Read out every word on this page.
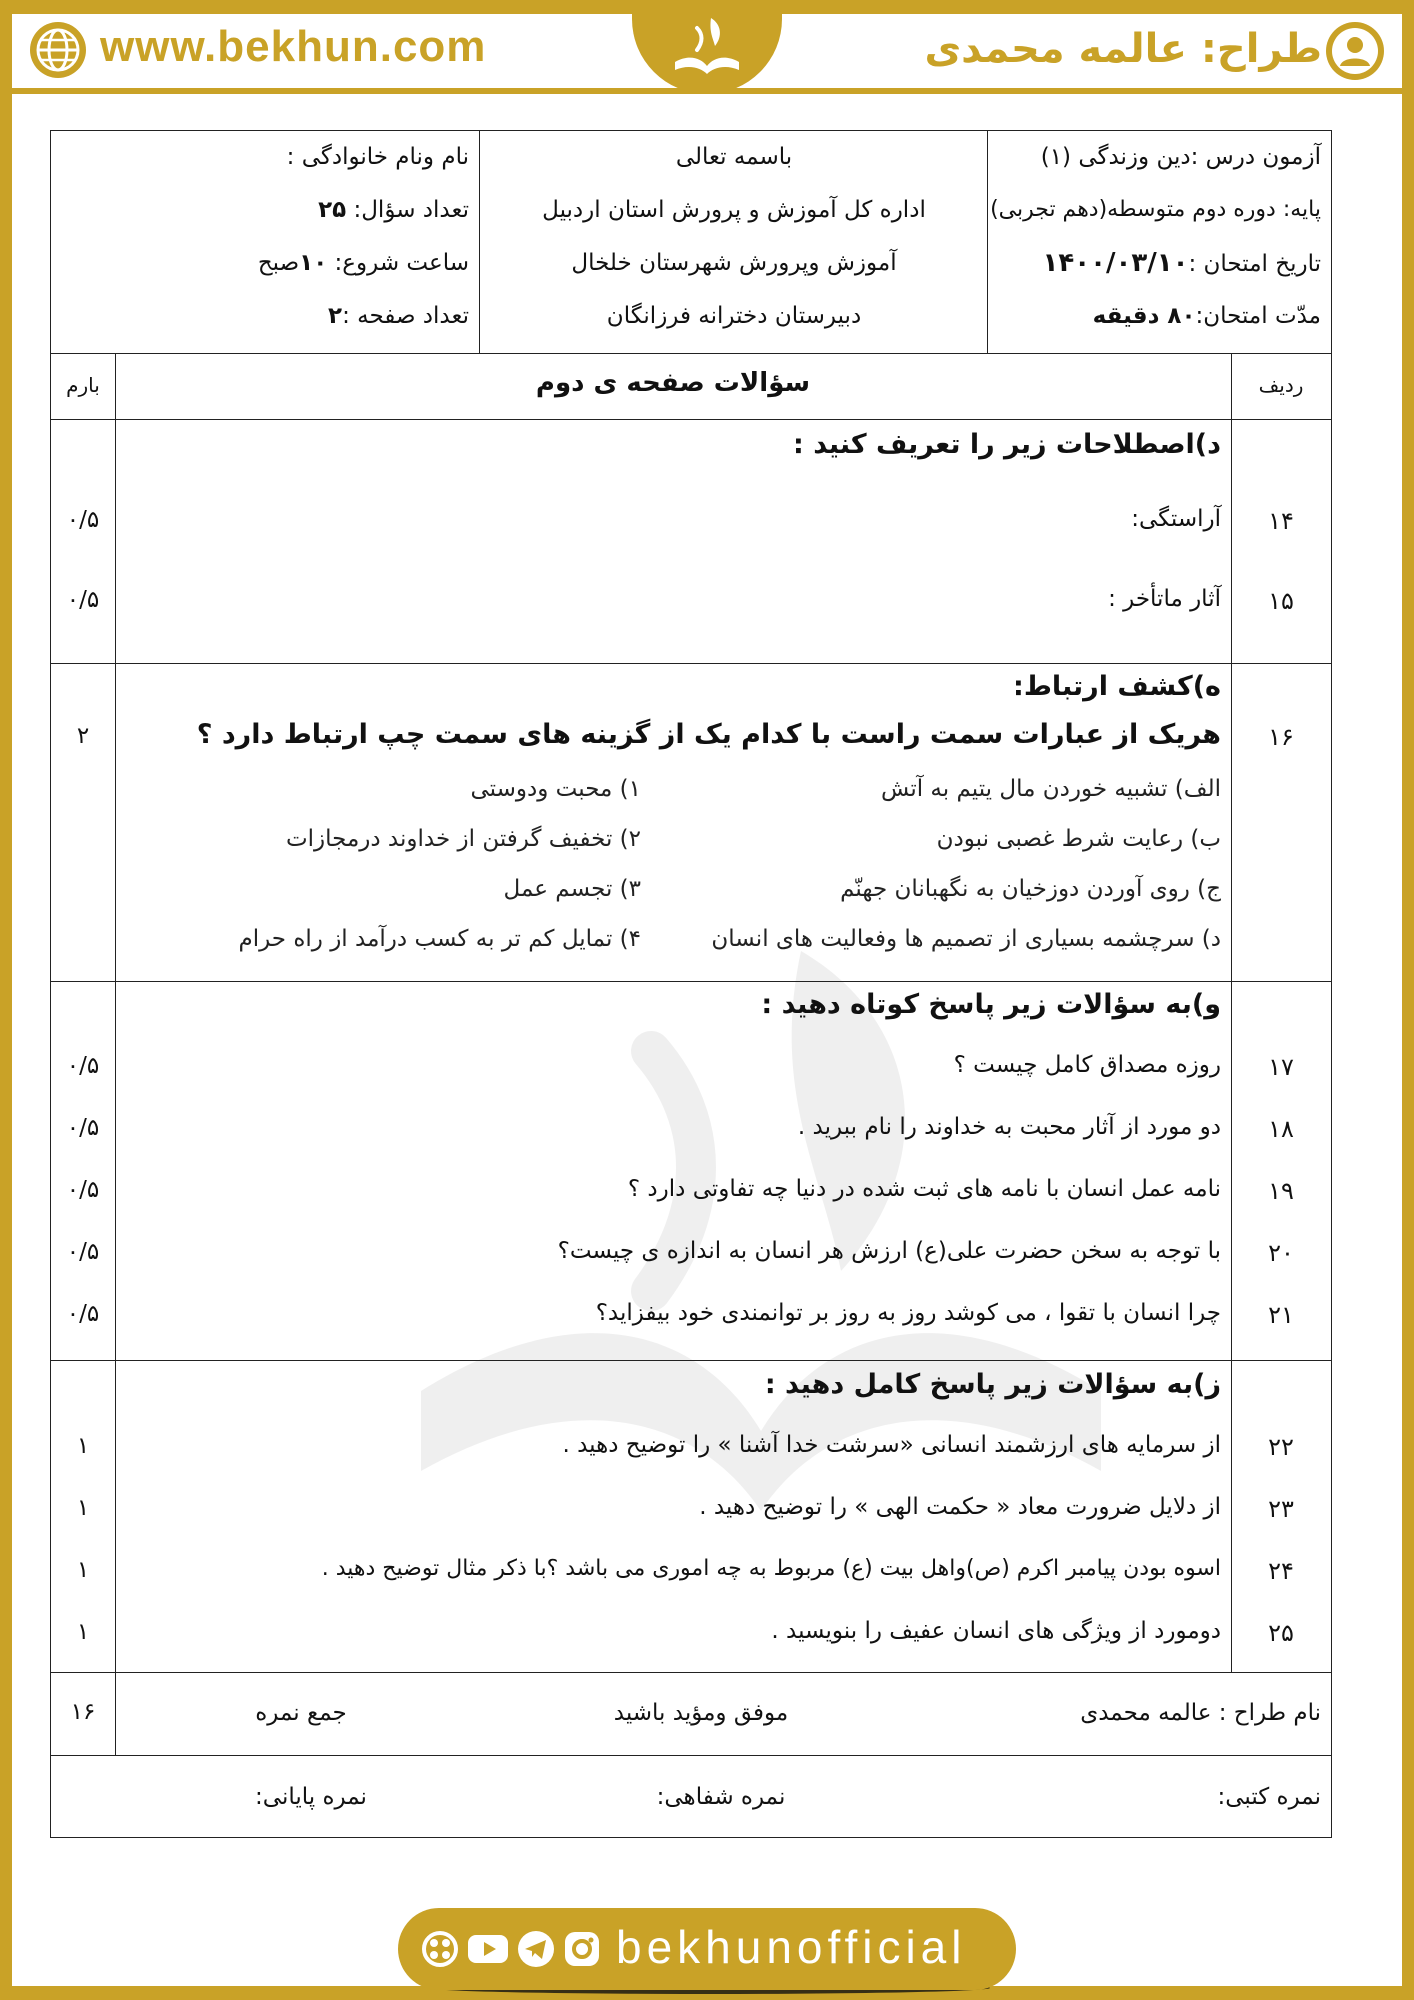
www.bekhun.com	طراح: عالمه محمدی
آزمون درس :دین وزندگی (۱)
پایه: دوره دوم متوسطه(دهم تجربی)
تاریخ امتحان :۱۴۰۰/۰۳/۱۰
مدّت امتحان:۸۰ دقیقه
باسمه تعالی
اداره کل آموزش و پرورش استان اردبیل
آموزش وپرورش شهرستان خلخال
دبیرستان دخترانه فرزانگان
نام ونام خانوادگی :
تعداد سؤال: ۲۵
ساعت شروع: ۱۰صبح
تعداد صفحه :۲
ردیف
سؤالات صفحه ی دوم
بارم
د)اصطلاحات زیر را تعریف کنید :
۱۴
آراستگی:
۰/۵
۱۵
آثار ماتأخر :
۰/۵
ه)کشف ارتباط:
۱۶
هریک از عبارات سمت راست با کدام یک از گزینه های سمت چپ ارتباط دارد ؟
۲
الف) تشبیه خوردن مال یتیم به آتش
۱) محبت ودوستی
ب) رعایت شرط غصبی نبودن
۲) تخفیف گرفتن از خداوند درمجازات
ج) روی آوردن دوزخیان به نگهبانان جهنّم
۳) تجسم عمل
د) سرچشمه بسیاری از تصمیم ها وفعالیت های انسان
۴) تمایل کم تر به کسب درآمد از راه حرام
و)به سؤالات زیر پاسخ کوتاه دهید :
۱۷
روزه مصداق کامل چیست ؟
۰/۵
۱۸
دو مورد از آثار محبت به خداوند را نام ببرید .
۰/۵
۱۹
نامه عمل انسان با نامه های ثبت شده در دنیا چه تفاوتی دارد ؟
۰/۵
۲۰
با توجه به سخن حضرت علی(ع) ارزش هر انسان به اندازه ی چیست؟
۰/۵
۲۱
چرا انسان با تقوا ، می کوشد روز به روز بر توانمندی خود بیفزاید؟
۰/۵
ز)به سؤالات زیر پاسخ کامل دهید :
۲۲
از سرمایه های ارزشمند انسانی «سرشت خدا آشنا » را توضیح دهید .
۱
۲۳
از دلایل ضرورت معاد « حکمت الهی » را توضیح دهید .
۱
۲۴
اسوه بودن پیامبر اکرم (ص)واهل بیت (ع) مربوط به چه اموری می باشد ؟با ذکر مثال توضیح دهید .
۱
۲۵
دومورد از ویژگی های انسان عفیف را بنویسید .
۱
نام طراح : عالمه محمدی
موفق ومؤید باشید
جمع نمره
۱۶
نمره کتبی:
نمره شفاهی:
نمره پایانی:
bekhunofficial
